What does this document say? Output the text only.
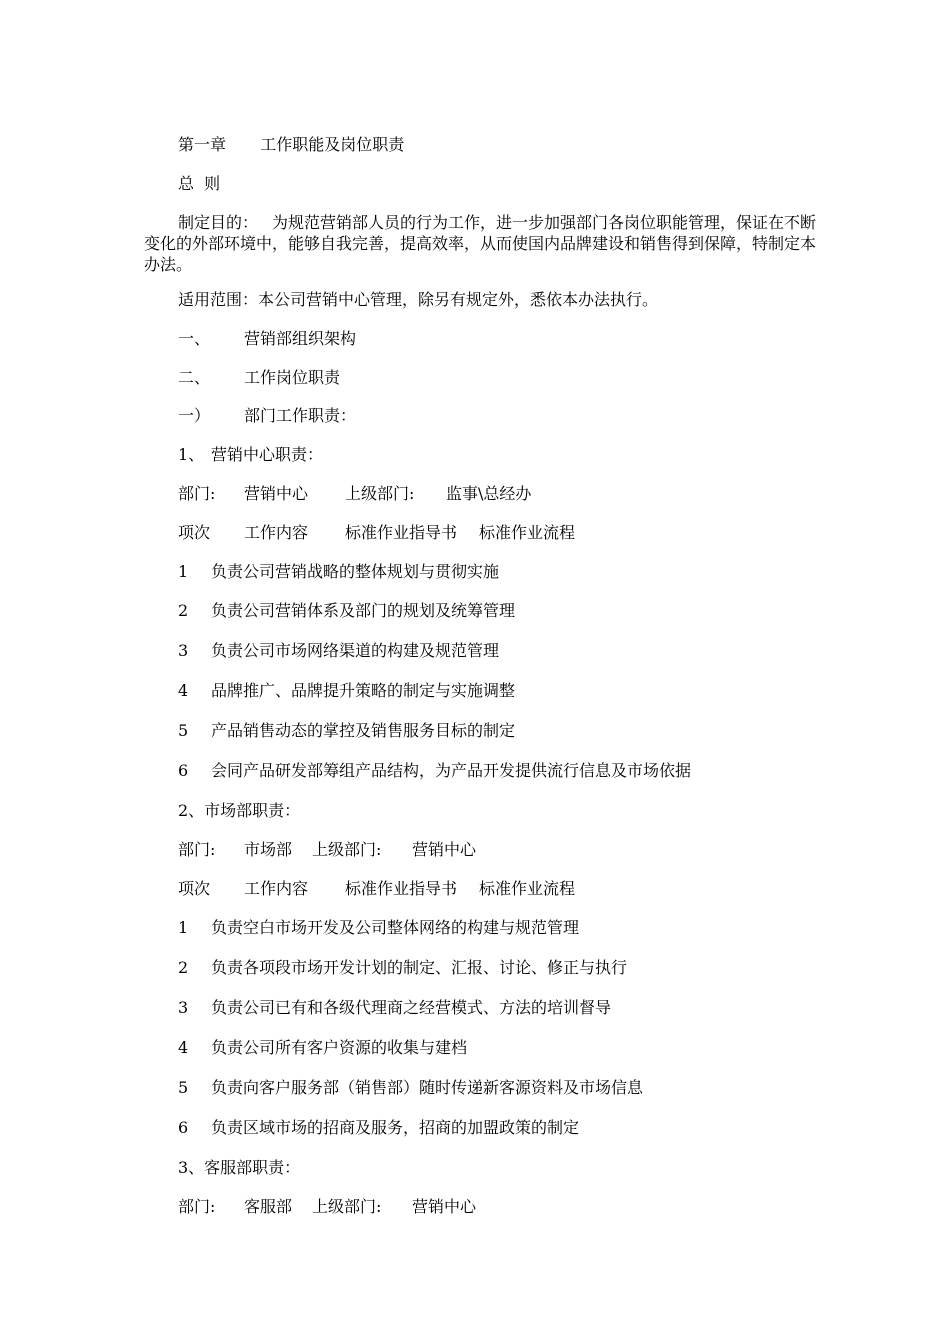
第一章 工作职能及岗位职责
总  则
制定目的： 为规范营销部人员的行为工作，进一步加强部门各岗位职能管理，保证在不断变化的外部环境中，能够自我完善，提高效率，从而使国内品牌建设和销售得到保障，特制定本办法。
适用范围：本公司营销中心管理，除另有规定外，悉依本办法执行。
一、 营销部组织架构
二、 工作岗位职责
一） 部门工作职责：
1、 营销中心职责：
部门: 营销中心 上级部门: 监事\总经办
项次 工作内容 标准作业指导书 标准作业流程
1 负责公司营销战略的整体规划与贯彻实施
2 负责公司营销体系及部门的规划及统筹管理
3 负责公司市场网络渠道的构建及规范管理
4 品牌推广、品牌提升策略的制定与实施调整
5 产品销售动态的掌控及销售服务目标的制定
6 会同产品研发部筹组产品结构，为产品开发提供流行信息及市场依据
2、市场部职责：
部门: 市场部 上级部门: 营销中心
项次 工作内容 标准作业指导书 标准作业流程
1 负责空白市场开发及公司整体网络的构建与规范管理
2 负责各项段市场开发计划的制定、汇报、讨论、修正与执行
3 负责公司已有和各级代理商之经营模式、方法的培训督导
4 负责公司所有客户资源的收集与建档
5 负责向客户服务部（销售部）随时传递新客源资料及市场信息
6 负责区域市场的招商及服务，招商的加盟政策的制定
3、客服部职责：
部门: 客服部 上级部门: 营销中心
